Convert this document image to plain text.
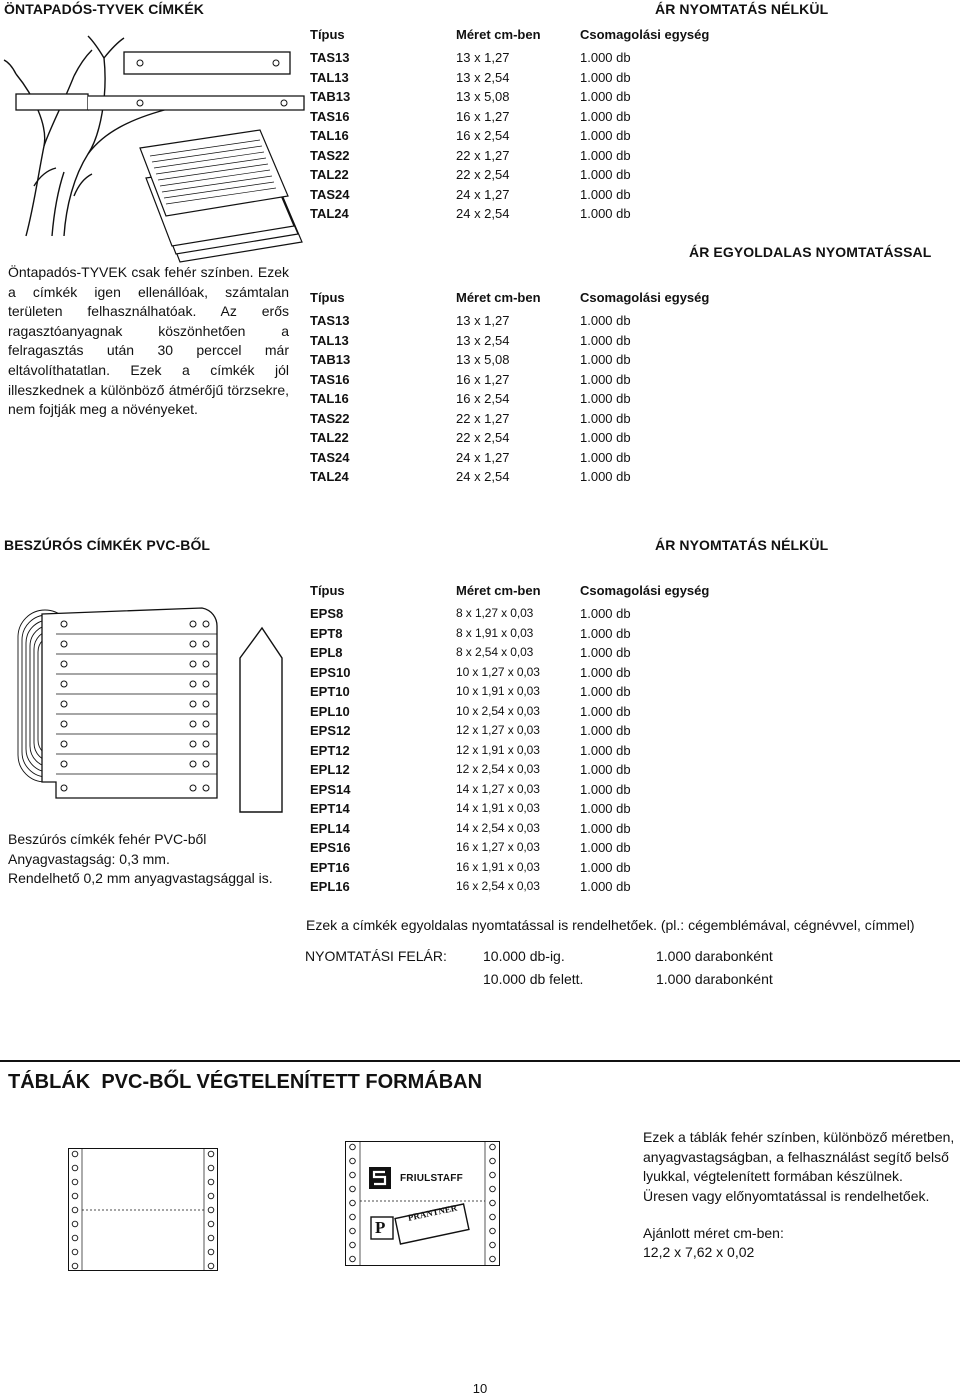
ÖNTAPADÓS-TYVEK CÍMKÉK	ÁR NYOMTATÁS NÉLKÜL
Öntapadós-TYVEK csak fehér színben. Ezek a címkék igen ellenállóak, számtalan területen felhasználhatóak. Az erős ragasztóanyagnak köszönhetően a felragasztás után 30 perccel már eltávolíthatatlan. Ezek a címkék jól illeszkednek a különböző átmérőjű törzsekre, nem fojtják meg a növényeket.
Típus	Méret cm-ben	Csomagolási egység
TAS13	13 x 1,27	1.000 db
TAL13	13 x 2,54	1.000 db
TAB13	13 x 5,08	1.000 db
TAS16	16 x 1,27	1.000 db
TAL16	16 x 2,54	1.000 db
TAS22	22 x 1,27	1.000 db
TAL22	22 x 2,54	1.000 db
TAS24	24 x 1,27	1.000 db
TAL24	24 x 2,54	1.000 db
ÁR EGYOLDALAS NYOMTATÁSSAL
Típus	Méret cm-ben	Csomagolási egység
TAS13	13 x 1,27	1.000 db
TAL13	13 x 2,54	1.000 db
TAB13	13 x 5,08	1.000 db
TAS16	16 x 1,27	1.000 db
TAL16	16 x 2,54	1.000 db
TAS22	22 x 1,27	1.000 db
TAL22	22 x 2,54	1.000 db
TAS24	24 x 1,27	1.000 db
TAL24	24 x 2,54	1.000 db
BESZÚRÓS CÍMKÉK PVC-BŐL	ÁR NYOMTATÁS NÉLKÜL
Beszúrós címkék fehér PVC-ből
Anyagvastagság: 0,3 mm.
Rendelhető 0,2 mm anyagvastagsággal is.
Típus	Méret cm-ben	Csomagolási egység
EPS8	8 x 1,27 x 0,03	1.000 db
EPT8	8 x 1,91 x 0,03	1.000 db
EPL8	8 x 2,54 x 0,03	1.000 db
EPS10	10 x 1,27 x 0,03	1.000 db
EPT10	10 x 1,91 x 0,03	1.000 db
EPL10	10 x 2,54 x 0,03	1.000 db
EPS12	12 x 1,27 x 0,03	1.000 db
EPT12	12 x 1,91 x 0,03	1.000 db
EPL12	12 x 2,54 x 0,03	1.000 db
EPS14	14 x 1,27 x 0,03	1.000 db
EPT14	14 x 1,91 x 0,03	1.000 db
EPL14	14 x 2,54 x 0,03	1.000 db
EPS16	16 x 1,27 x 0,03	1.000 db
EPT16	16 x 1,91 x 0,03	1.000 db
EPL16	16 x 2,54 x 0,03	1.000 db
Ezek a címkék egyoldalas nyomtatással is rendelhetőek. (pl.: cégemblémával, cégnévvel, címmel)
NYOMTATÁSI FELÁR:	10.000 db-ig.	1.000 darabonként
10.000 db felett.	1.000 darabonként
TÁBLÁK  PVC-BŐL VÉGTELENÍTETT FORMÁBAN
FRIULSTAFF
P
PRANTNER
Ezek a táblák fehér színben, különböző méretben,
anyagvastagságban, a felhasználást segítő belső
lyukkal, végtelenített formában készülnek.
Üresen vagy előnyomtatással is rendelhetőek.
Ajánlott méret cm-ben:
12,2 x 7,62 x 0,02
10
